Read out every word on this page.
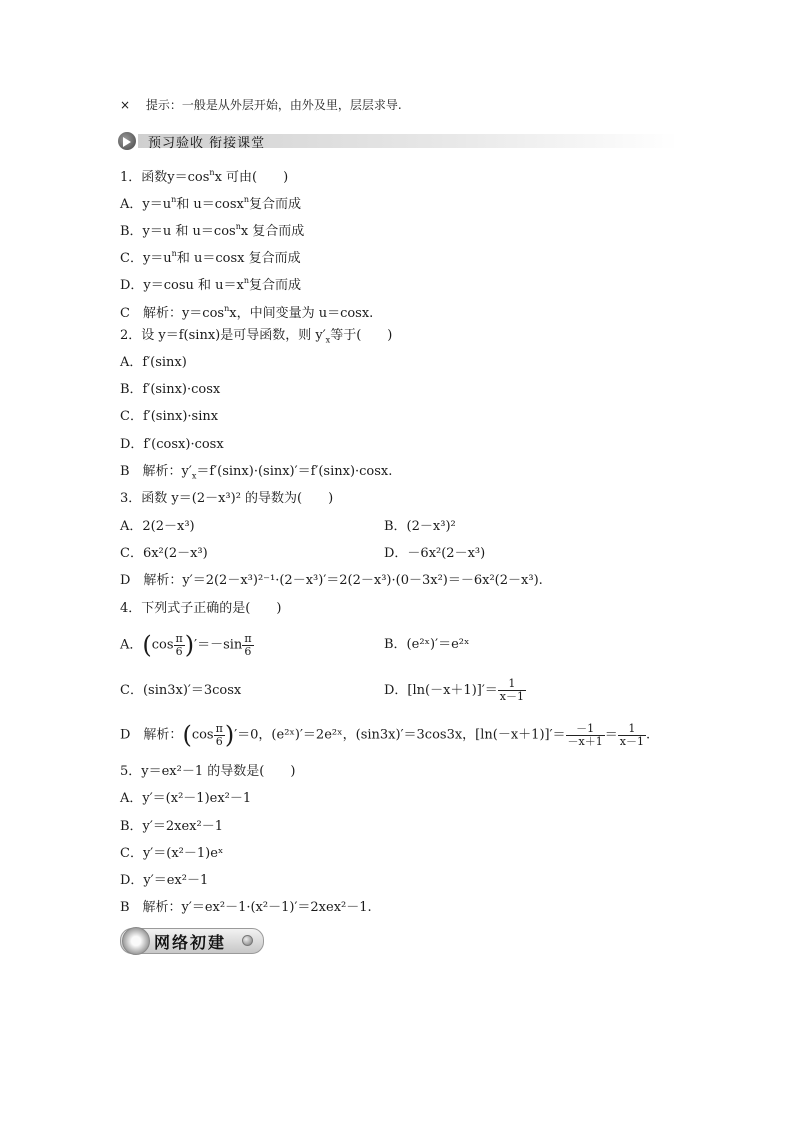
× 提示：一般是从外层开始，由外及里，层层求导.
预习验收 衔接课堂
1．函数$y=\cos^nx$ 可由(　　)
A．$y=u^n$和 u＝cosx$^n$复合而成
B．y＝u 和 $u=\cos^nx$ 复合而成
C．$y=u^n$和 u＝cosx 复合而成
D．y＝cosu 和 $u=x^n$复合而成
C　解析：$y=\cos^nx$，中间变量为 u＝cosx.
2．设 y＝f(sinx)是可导函数，则 $y'_x$等于(　　)
A．f′(sinx)
B．f′(sinx)·cosx
C．f′(sinx)·sinx
D．f′(cosx)·cosx
B　解析：$y'_x=f'(\sin x)\cdot(\sin x)'=f'(\sin x)\cdot\cos x$.
3．函数 y＝(2－x³)² 的导数为(　　)
A．2(2－x³)	B．(2－x³)²
C．6x²(2－x³)	D．－6x²(2－x³)
D　解析：y′＝2(2－x³)²⁻¹·(2－x³)′＝2(2－x³)·(0－3x²)＝－6x²(2－x³).
4．下列式子正确的是(　　)
A．$(\cos \frac{\pi}{6} )'=-\sin \frac{\pi}{6}$	B．(e²ˣ)′＝e²ˣ
C．(sin3x)′＝3cosx	D．$[\ln(-x+1)]'= \frac{1}{x-1}$
D　解析：$(\cos \frac{\pi}{6} )'=0$，(e²ˣ)′＝2e²ˣ，(sin3x)′＝3cos3x，$[\ln(-x+1)]'= \frac{-1}{-x+1} = \frac{1}{x-1}$ .
5．y＝ex²－1 的导数是(　　)
A．y′＝(x²－1)ex²－1
B．y′＝2xex²－1
C．y′＝(x²－1)eˣ
D．y′＝ex²－1
B　解析：y′＝ex²－1·(x²－1)′＝2xex²－1.
网络初建
